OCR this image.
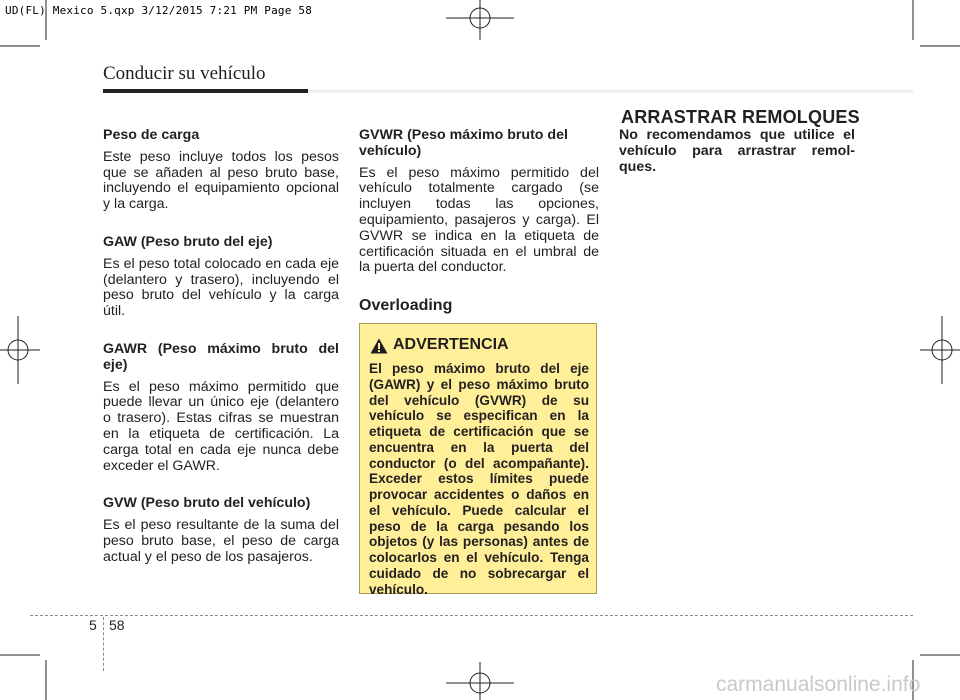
UD(FL) Mexico 5.qxp 3/12/2015 7:21 PM Page 58
Conducir su vehículo
ARRASTRAR REMOLQUES

Peso de carga

Este peso incluye todos los pesos que se añaden al peso bruto base, incluyendo el equipamiento opcional y la carga.

GAW (Peso bruto del eje)

Es el peso total colocado en cada eje (delantero y trasero), incluyendo el peso bruto del vehículo y la carga útil.

GAWR (Peso máximo bruto del eje)

Es el peso máximo permitido que puede llevar un único eje (delantero o trasero). Estas cifras se muestran en la etiqueta de certificación. La carga total en cada eje nunca debe exceder el GAWR.

GVW (Peso bruto del vehículo)

Es el peso resultante de la suma del peso bruto base, el peso de carga actual y el peso de los pasajeros.

GVWR (Peso máximo bruto del vehículo)

Es el peso máximo permitido del vehículo totalmente cargado (se incluyen todas las opciones, equipamiento, pasajeros y carga). El GVWR se indica en la etiqueta de certificación situada en el umbral de la puerta del conductor.

Overloading

ADVERTENCIA

El peso máximo bruto del eje (GAWR) y el peso máximo bruto del vehículo (GVWR) de su vehículo se especifican en la etiqueta de certificación que se encuentra en la puerta del conductor (o del acompañante). Exceder estos límites puede provocar accidentes o daños en el vehículo. Puede calcular el peso de la carga pesando los objetos (y las personas) antes de colocarlos en el vehículo. Tenga cuidado de no sobrecargar el vehículo.

No recomendamos que utilice el vehículo para arrastrar remol-ques.

5 58
carmanualsonline.info
